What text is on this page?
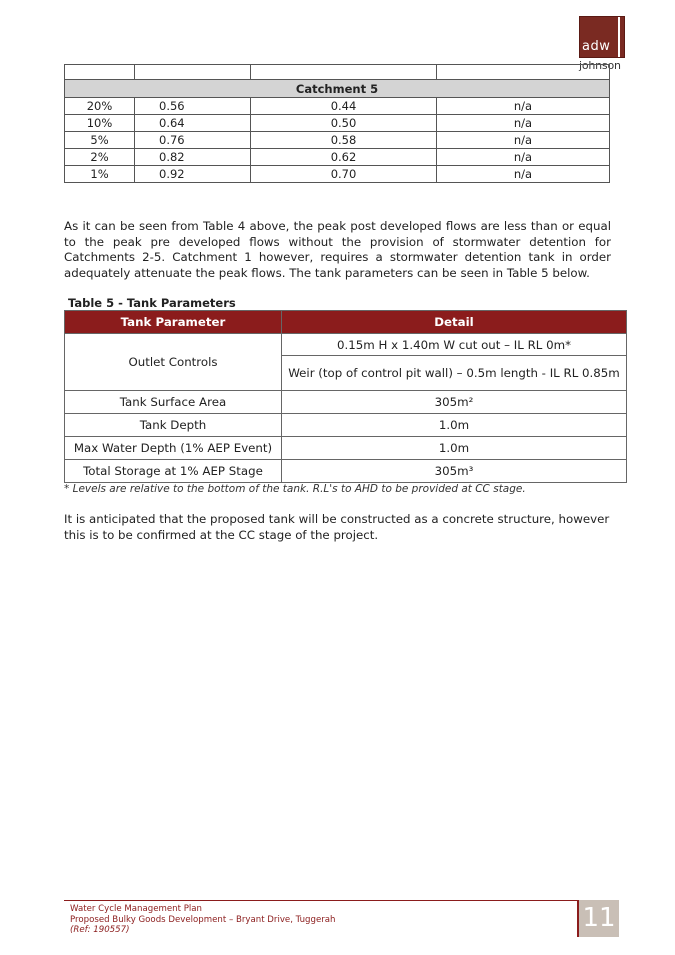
adw
johnson

Catchment 5			
20%	0.56	0.44	n/a
10%	0.64	0.50	n/a
5%	0.76	0.58	n/a
2%	0.82	0.62	n/a
1%	0.92	0.70	n/a

As it can be seen from Table 4 above, the peak post developed flows are less than or equal to the peak pre developed flows without the provision of stormwater detention for Catchments 2-5. Catchment 1 however, requires a stormwater detention tank in order adequately attenuate the peak flows. The tank parameters can be seen in Table 5 below.

Table 5 - Tank Parameters
Tank Parameter	Detail
Outlet Controls	0.15m H x 1.40m W cut out – IL RL 0m*
	Weir (top of control pit wall) – 0.5m length - IL RL 0.85m
Tank Surface Area	305m²
Tank Depth	1.0m
Max Water Depth (1% AEP Event)	1.0m
Total Storage at 1% AEP Stage	305m³
* Levels are relative to the bottom of the tank. R.L's to AHD to be provided at CC stage.

It is anticipated that the proposed tank will be constructed as a concrete structure, however this is to be confirmed at the CC stage of the project.

Water Cycle Management Plan
Proposed Bulky Goods Development – Bryant Drive, Tuggerah
(Ref: 190557)	11
